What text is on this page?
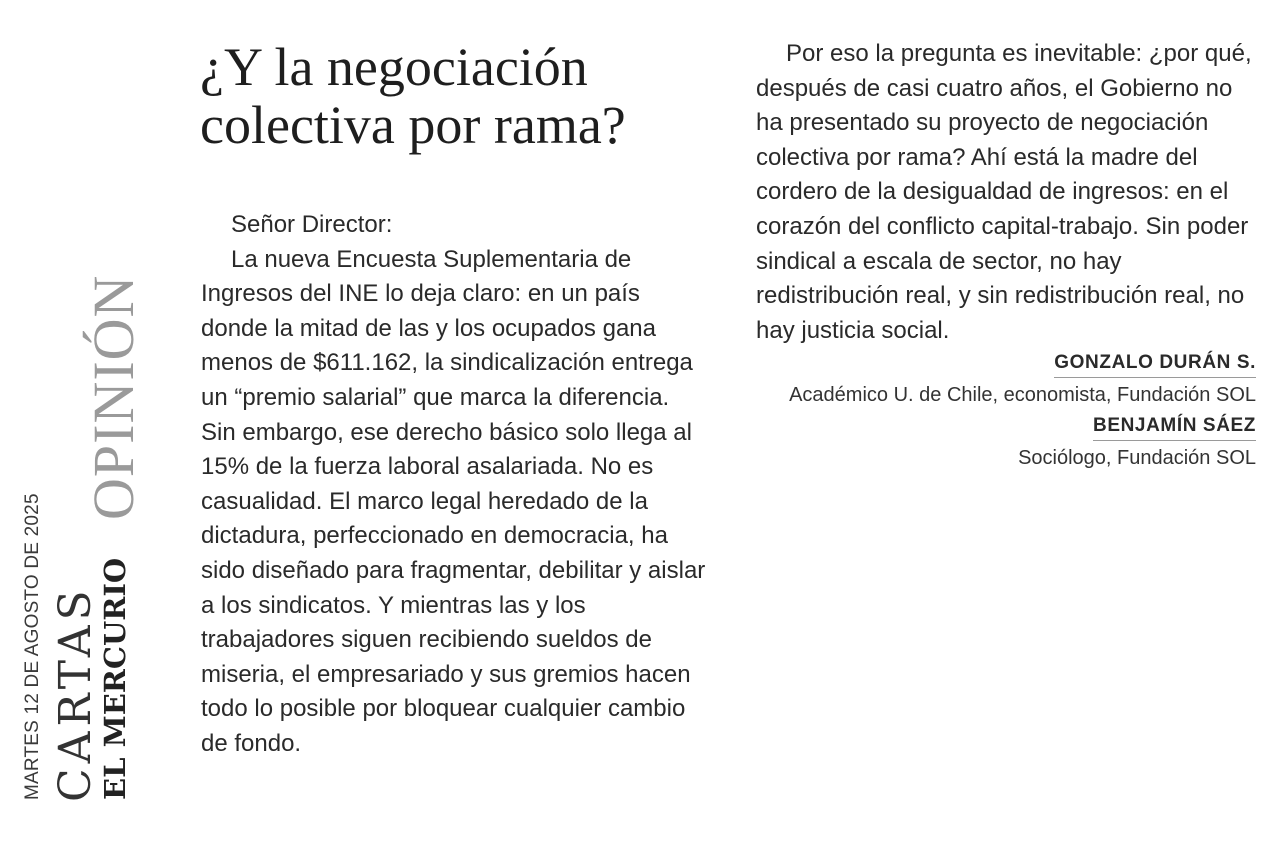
MARTES 12 DE AGOSTO DE 2025 CARTAS
EL MERCURIO
OPINIÓN
¿Y la negociación
colectiva por rama?
Señor Director:

La nueva Encuesta Suplementaria de Ingresos del INE lo deja claro: en un país donde la mitad de las y los ocupados gana menos de $611.162, la sindicalización entrega un “premio salarial” que marca la diferencia. Sin embargo, ese derecho básico solo llega al 15% de la fuerza laboral asalariada. No es casualidad. El marco legal heredado de la dictadura, perfeccionado en democracia, ha sido diseñado para fragmentar, debilitar y aislar a los sindicatos. Y mientras las y los trabajadores siguen recibiendo sueldos de miseria, el empresariado y sus gremios hacen todo lo posible por bloquear cualquier cambio de fondo.

Por eso la pregunta es inevitable: ¿por qué, después de casi cuatro años, el Gobierno no ha presentado su proyecto de negociación colectiva por rama? Ahí está la madre del cordero de la desigualdad de ingresos: en el corazón del conflicto capital-trabajo. Sin poder sindical a escala de sector, no hay redistribución real, y sin redistribución real, no hay justicia social.

GONZALO DURÁN S.
Académico U. de Chile, economista, Fundación SOL
BENJAMÍN SÁEZ
Sociólogo, Fundación SOL
